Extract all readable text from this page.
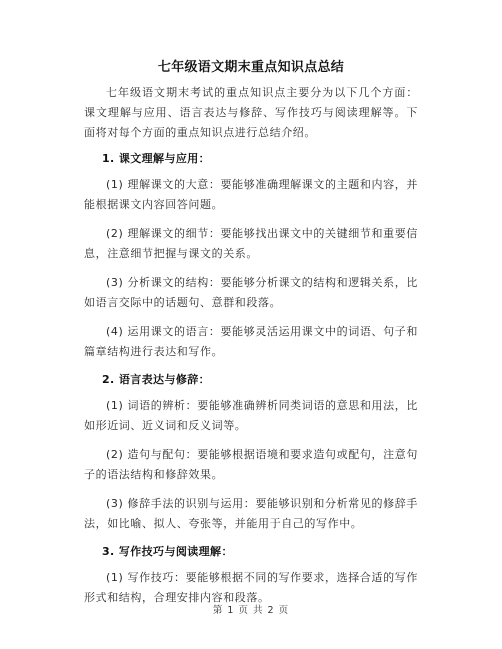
七年级语文期末重点知识点总结

七年级语文期末考试的重点知识点主要分为以下几个方面：课文理解与应用、语言表达与修辞、写作技巧与阅读理解等。下面将对每个方面的重点知识点进行总结介绍。

1. 课文理解与应用：

(1) 理解课文的大意：要能够准确理解课文的主题和内容，并能根据课文内容回答问题。

(2) 理解课文的细节：要能够找出课文中的关键细节和重要信息，注意细节把握与课文的关系。

(3) 分析课文的结构：要能够分析课文的结构和逻辑关系，比如语言交际中的话题句、意群和段落。

(4) 运用课文的语言：要能够灵活运用课文中的词语、句子和篇章结构进行表达和写作。

2. 语言表达与修辞：

(1) 词语的辨析：要能够准确辨析同类词语的意思和用法，比如形近词、近义词和反义词等。

(2) 造句与配句：要能够根据语境和要求造句或配句，注意句子的语法结构和修辞效果。

(3) 修辞手法的识别与运用：要能够识别和分析常见的修辞手法，如比喻、拟人、夸张等，并能用于自己的写作中。

3. 写作技巧与阅读理解：

(1) 写作技巧：要能够根据不同的写作要求，选择合适的写作形式和结构，合理安排内容和段落。

第 1 页 共 2 页
